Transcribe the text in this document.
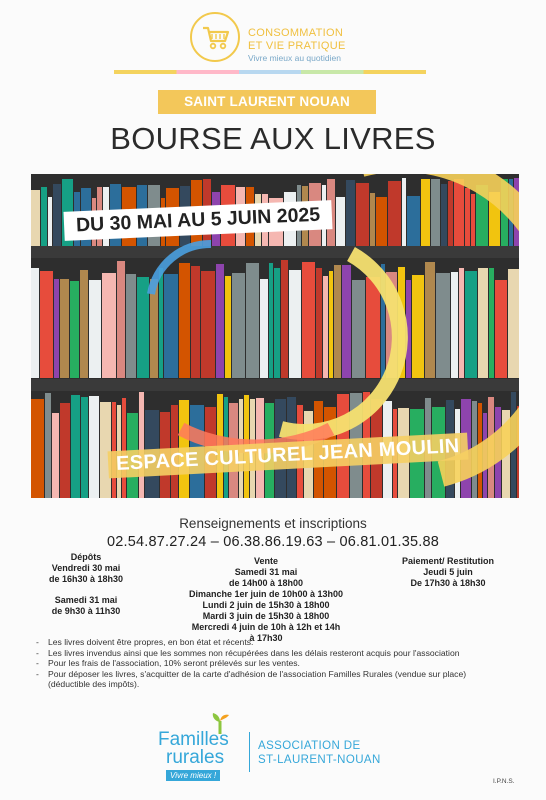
CONSOMMATION
ET VIE PRATIQUE
Vivre mieux au quotidien
SAINT LAURENT NOUAN
BOURSE AUX LIVRES
DU 30 MAI AU 5 JUIN 2025
ESPACE CULTUREL JEAN MOULIN
Renseignements et inscriptions
02.54.87.27.24 – 06.38.86.19.63 – 06.81.01.35.88
Dépôts
Vendredi 30 mai
de 16h30 à 18h30
Samedi 31 mai
de 9h30 à 11h30
Vente
Samedi 31 mai
de 14h00 à 18h00
Dimanche 1er juin de 10h00 à 13h00
Lundi 2 juin de 15h30 à 18h00
Mardi 3 juin de 15h30 à 18h00
Mercredi 4 juin de 10h à 12h et 14h à 17h30
Paiement/ Restitution
Jeudi 5 juin
De 17h30 à 18h30
- Les livres doivent être propres, en bon état et récents.
- Les livres invendus ainsi que les sommes non récupérées dans les délais resteront acquis pour l'association
- Pour les frais de l'association, 10% seront prélevés sur les ventes.
- Pour déposer les livres, s'acquitter de la carte d'adhésion de l'association Familles Rurales (vendue sur place) (déductible des impôts).
Familles
rurales
Vivre mieux !
ASSOCIATION DE
ST-LAURENT-NOUAN
I.P.N.S.
